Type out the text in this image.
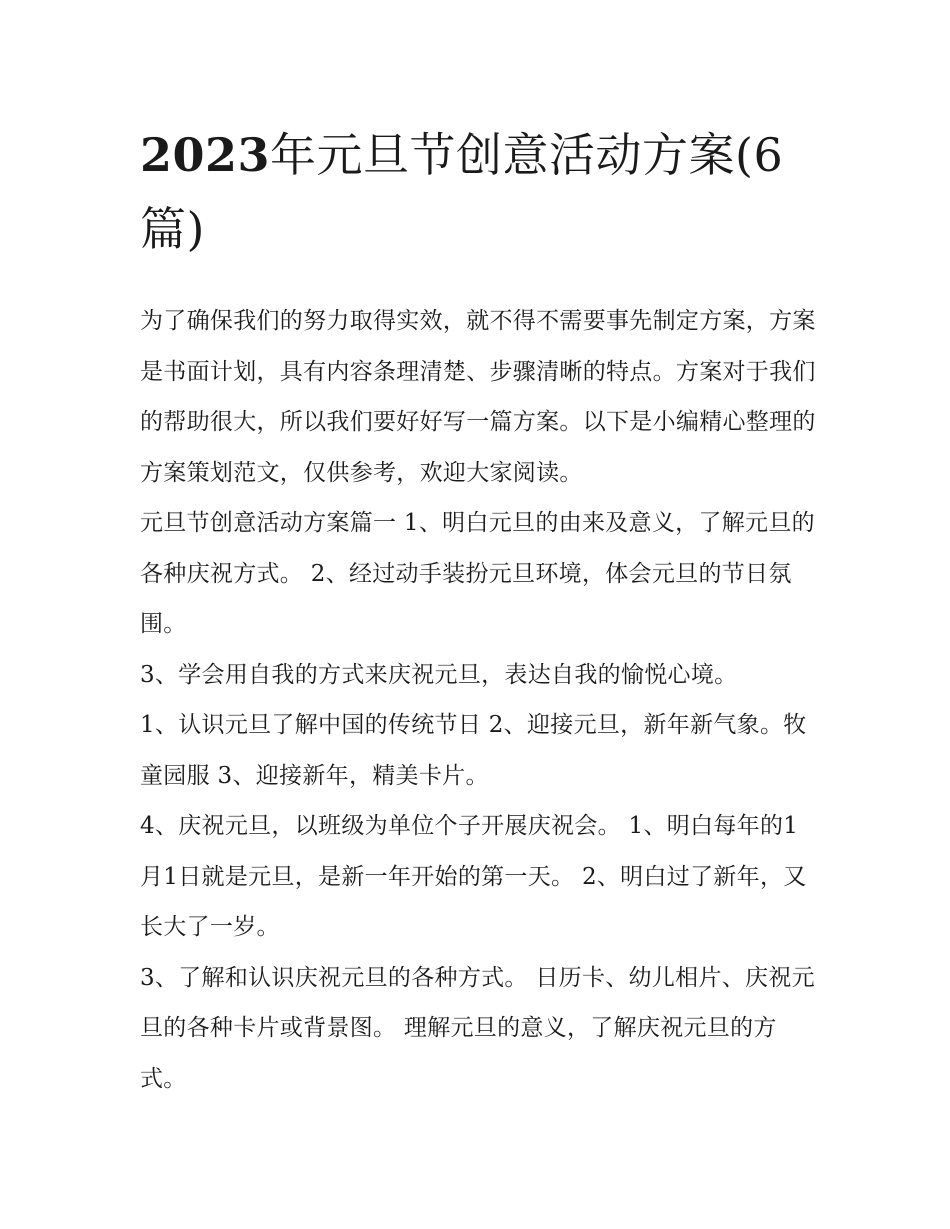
2023年元旦节创意活动方案(6篇)

为了确保我们的努力取得实效，就不得不需要事先制定方案，方案是书面计划，具有内容条理清楚、步骤清晰的特点。方案对于我们的帮助很大，所以我们要好好写一篇方案。以下是小编精心整理的方案策划范文，仅供参考，欢迎大家阅读。

元旦节创意活动方案篇一 1、明白元旦的由来及意义，了解元旦的各种庆祝方式。 2、经过动手装扮元旦环境，体会元旦的节日氛围。

3、学会用自我的方式来庆祝元旦，表达自我的愉悦心境。

1、认识元旦了解中国的传统节日 2、迎接元旦，新年新气象。牧童园服 3、迎接新年，精美卡片。

4、庆祝元旦，以班级为单位个子开展庆祝会。 1、明白每年的1月1日就是元旦，是新一年开始的第一天。 2、明白过了新年，又长大了一岁。

3、了解和认识庆祝元旦的各种方式。 日历卡、幼儿相片、庆祝元旦的各种卡片或背景图。 理解元旦的意义，了解庆祝元旦的方式。
